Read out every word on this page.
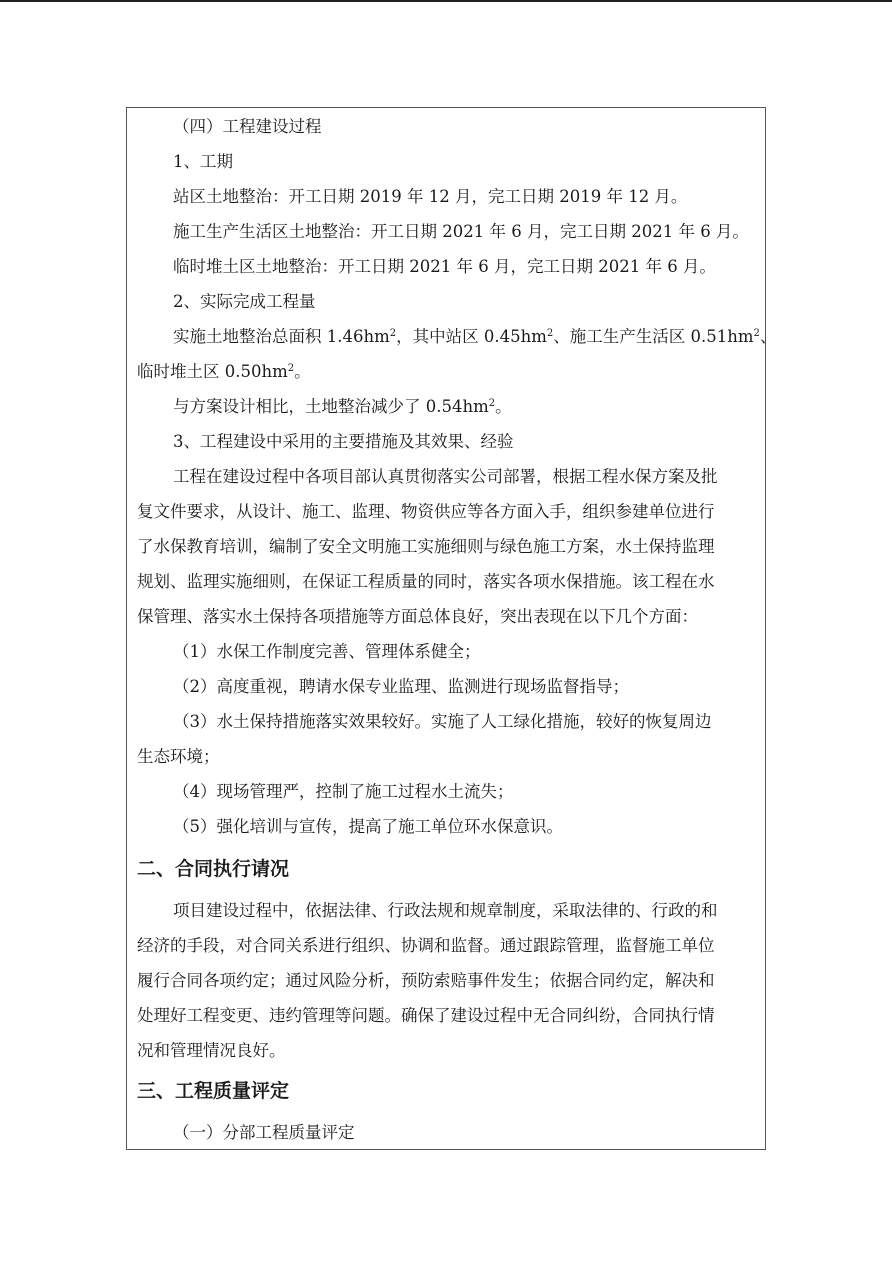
（四）工程建设过程
1、工期
站区土地整治：开工日期 2019 年 12 月，完工日期 2019 年 12 月。
施工生产生活区土地整治：开工日期 2021 年 6 月，完工日期 2021 年 6 月。
临时堆土区土地整治：开工日期 2021 年 6 月，完工日期 2021 年 6 月。
2、实际完成工程量
实施土地整治总面积 $1.46hm^2$，其中站区 $0.45hm^2$、施工生产生活区 $0.51hm^2$、
临时堆土区 $0.50hm^2$。
与方案设计相比，土地整治减少了 $0.54hm^2$。
3、工程建设中采用的主要措施及其效果、经验
工程在建设过程中各项目部认真贯彻落实公司部署，根据工程水保方案及批
复文件要求，从设计、施工、监理、物资供应等各方面入手，组织参建单位进行
了水保教育培训，编制了安全文明施工实施细则与绿色施工方案，水土保持监理
规划、监理实施细则，在保证工程质量的同时，落实各项水保措施。该工程在水
保管理、落实水土保持各项措施等方面总体良好，突出表现在以下几个方面：
（1）水保工作制度完善、管理体系健全；
（2）高度重视，聘请水保专业监理、监测进行现场监督指导；
（3）水土保持措施落实效果较好。实施了人工绿化措施，较好的恢复周边
生态环境；
（4）现场管理严，控制了施工过程水土流失；
（5）强化培训与宣传，提高了施工单位环水保意识。
二、合同执行请况
项目建设过程中，依据法律、行政法规和规章制度，采取法律的、行政的和
经济的手段，对合同关系进行组织、协调和监督。通过跟踪管理，监督施工单位
履行合同各项约定；通过风险分析，预防索赔事件发生；依据合同约定，解决和
处理好工程变更、违约管理等问题。确保了建设过程中无合同纠纷，合同执行情
况和管理情况良好。
三、工程质量评定
（一）分部工程质量评定
